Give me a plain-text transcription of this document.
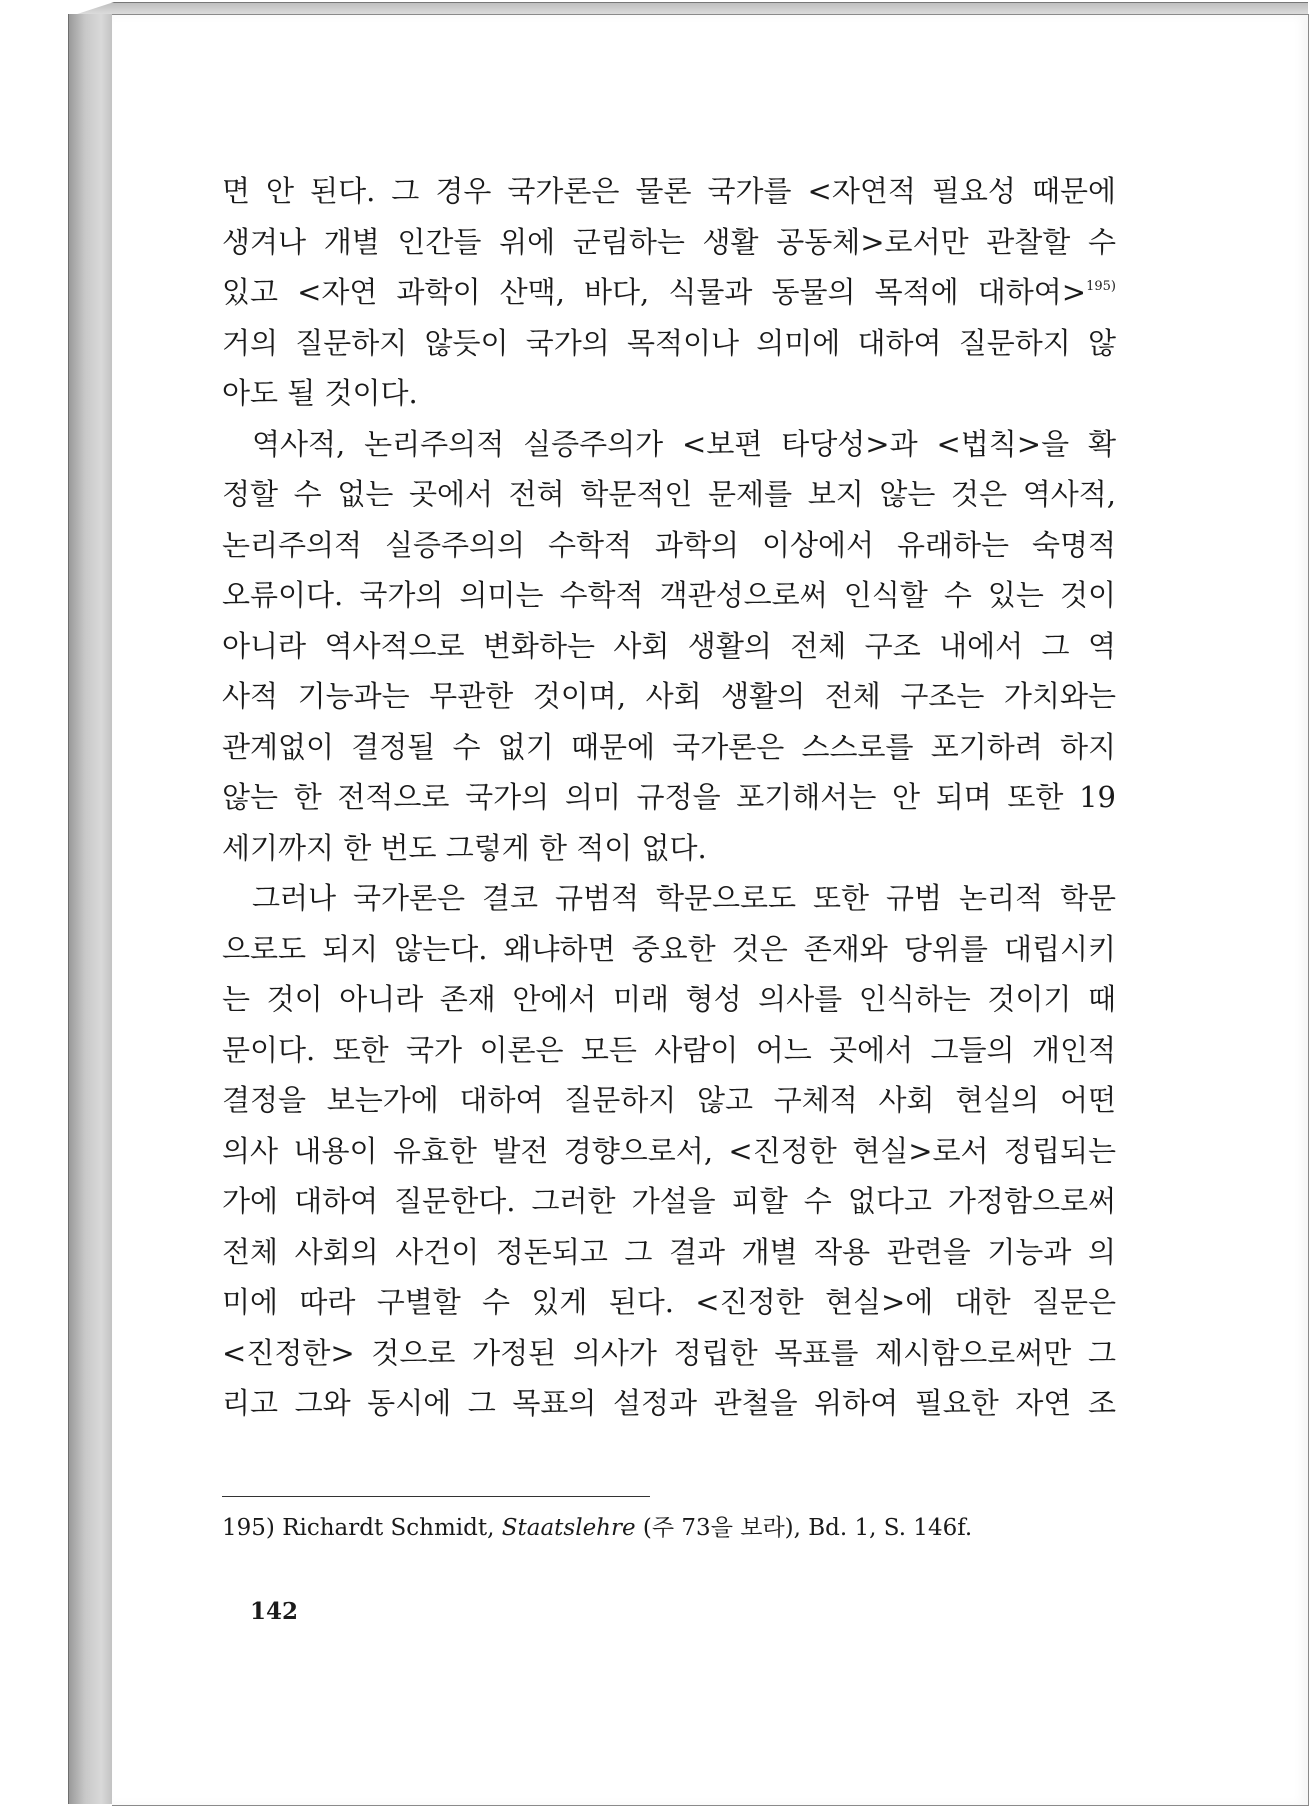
면 안 된다. 그 경우 국가론은 물론 국가를 <자연적 필요성 때문에
생겨나 개별 인간들 위에 군림하는 생활 공동체>로서만 관찰할 수
있고 <자연 과학이 산맥, 바다, 식물과 동물의 목적에 대하여>$^{195)}$
거의 질문하지 않듯이 국가의 목적이나 의미에 대하여 질문하지 않
아도 될 것이다.
역사적, 논리주의적 실증주의가 <보편 타당성>과 <법칙>을 확
정할 수 없는 곳에서 전혀 학문적인 문제를 보지 않는 것은 역사적,
논리주의적 실증주의의 수학적 과학의 이상에서 유래하는 숙명적
오류이다. 국가의 의미는 수학적 객관성으로써 인식할 수 있는 것이
아니라 역사적으로 변화하는 사회 생활의 전체 구조 내에서 그 역
사적 기능과는 무관한 것이며, 사회 생활의 전체 구조는 가치와는
관계없이 결정될 수 없기 때문에 국가론은 스스로를 포기하려 하지
않는 한 전적으로 국가의 의미 규정을 포기해서는 안 되며 또한 19
세기까지 한 번도 그렇게 한 적이 없다.
그러나 국가론은 결코 규범적 학문으로도 또한 규범 논리적 학문
으로도 되지 않는다. 왜냐하면 중요한 것은 존재와 당위를 대립시키
는 것이 아니라 존재 안에서 미래 형성 의사를 인식하는 것이기 때
문이다. 또한 국가 이론은 모든 사람이 어느 곳에서 그들의 개인적
결정을 보는가에 대하여 질문하지 않고 구체적 사회 현실의 어떤
의사 내용이 유효한 발전 경향으로서, <진정한 현실>로서 정립되는
가에 대하여 질문한다. 그러한 가설을 피할 수 없다고 가정함으로써
전체 사회의 사건이 정돈되고 그 결과 개별 작용 관련을 기능과 의
미에 따라 구별할 수 있게 된다. <진정한 현실>에 대한 질문은
<진정한> 것으로 가정된 의사가 정립한 목표를 제시함으로써만 그
리고 그와 동시에 그 목표의 설정과 관철을 위하여 필요한 자연 조
195) Richardt Schmidt, Staatslehre (주 73을 보라), Bd. 1, S. 146f.
142
